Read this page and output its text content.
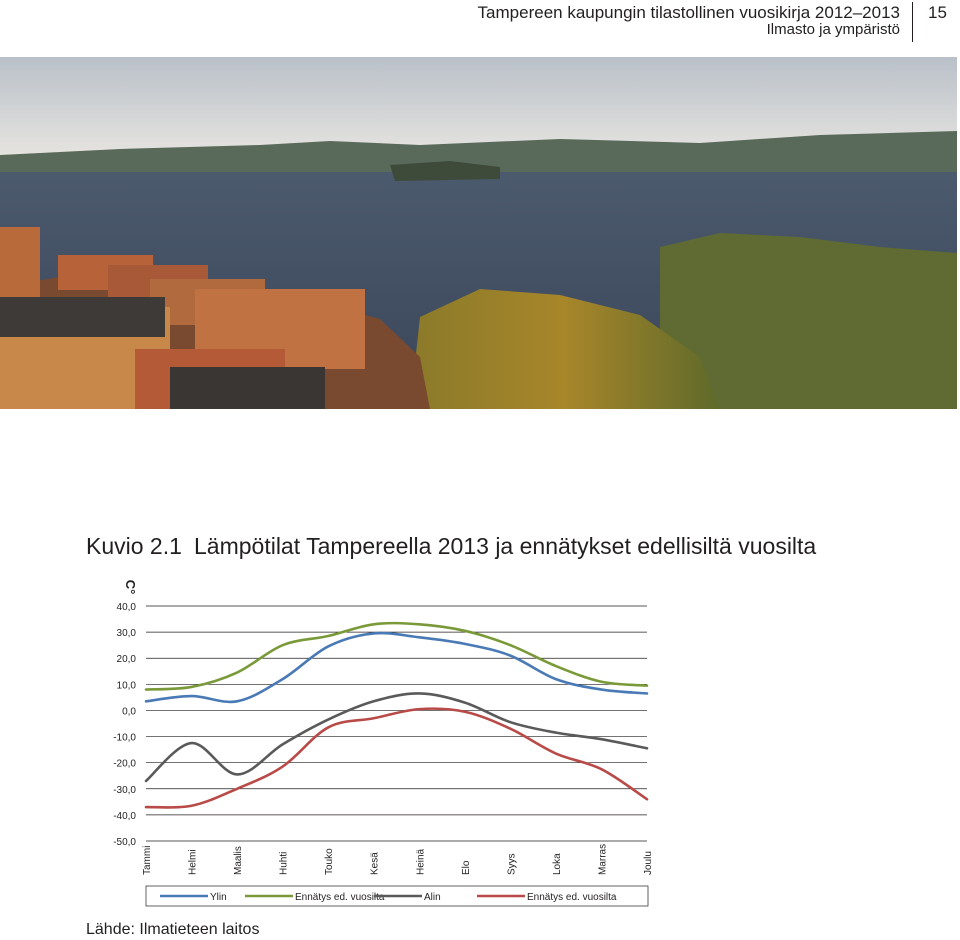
Tampereen kaupungin tilastollinen vuosikirja 2012–2013
Ilmasto ja ympäristö
15
Kuvio 2.1 Lämpötilat Tampereella 2013 ja ennätykset edellisiltä vuosilta
C°
40,0
30,0
20,0
10,0
0,0
-10,0
-20,0
-30,0
-40,0
-50,0
Tammi	Helmi	Maalis	Huhti	Touko	Kesä	Heinä	Elo	Syys	Loka	Marras	Joulu
Ylin	Ennätys ed. vuosilta	Alin	Ennätys ed. vuosilta
Lähde: Ilmatieteen laitos
